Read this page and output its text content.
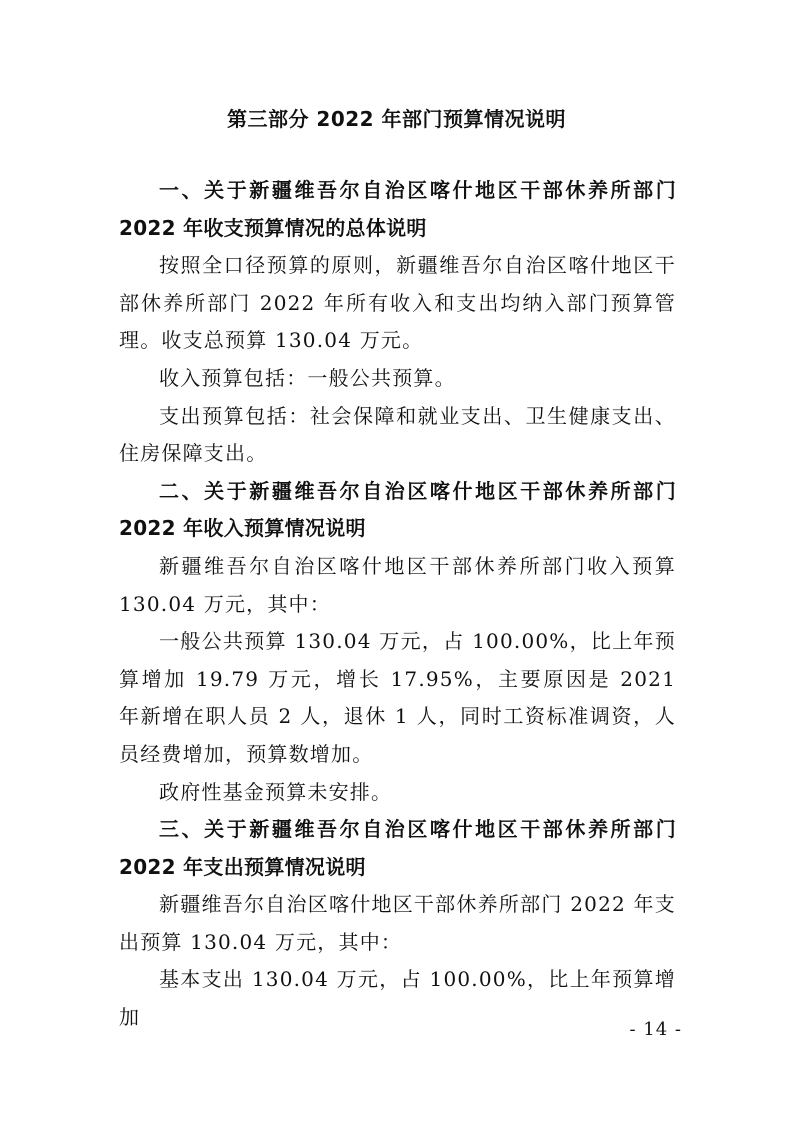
第三部分 2022 年部门预算情况说明

一、关于新疆维吾尔自治区喀什地区干部休养所部门2022 年收支预算情况的总体说明

按照全口径预算的原则，新疆维吾尔自治区喀什地区干部休养所部门 2022 年所有收入和支出均纳入部门预算管理。收支总预算 130.04 万元。

收入预算包括：一般公共预算。

支出预算包括：社会保障和就业支出、卫生健康支出、住房保障支出。

二、关于新疆维吾尔自治区喀什地区干部休养所部门2022 年收入预算情况说明

新疆维吾尔自治区喀什地区干部休养所部门收入预算 130.04 万元，其中：

一般公共预算 130.04 万元，占 100.00%，比上年预算增加 19.79 万元，增长 17.95%，主要原因是 2021 年新增在职人员 2 人，退休 1 人，同时工资标准调资，人员经费增加，预算数增加。

政府性基金预算未安排。

三、关于新疆维吾尔自治区喀什地区干部休养所部门2022 年支出预算情况说明

新疆维吾尔自治区喀什地区干部休养所部门 2022 年支出预算 130.04 万元，其中：

基本支出 130.04 万元，占 100.00%，比上年预算增加

- 14 -
